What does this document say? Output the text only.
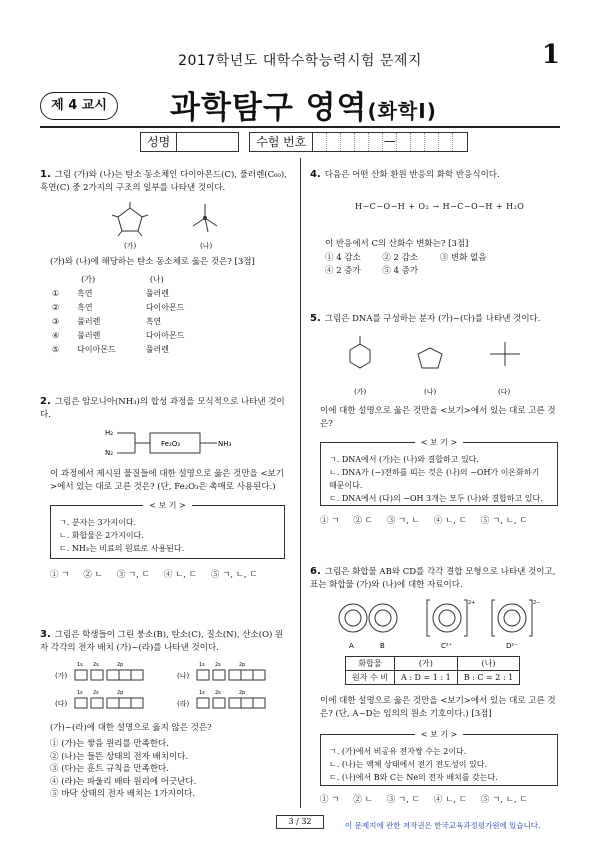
2017학년도 대학수학능력시험 문제지	1
제 4 교시	과학탐구 영역(화학Ⅰ)
성명	수험 번호	—
1. 그림 (가)와 (나)는 탄소 동소체인 다이아몬드(C), 풀러렌(C₆₀), 흑연(C) 중 2가지의 구조의 일부를 나타낸 것이다.
(가)	(나)
(가)와 (나)에 해당하는 탄소 동소체로 옳은 것은? [3점]
	(가)	(나)
①	흑연	풀러렌
②	흑연	다이아몬드
③	풀러렌	흑연
④	풀러렌	다이아몬드
⑤	다이아몬드	풀러렌
2. 그림은 암모니아(NH₃)의 합성 과정을 모식적으로 나타낸 것이다.
H₂
N₂
Fe₂O₃	NH₃
이 과정에서 제시된 물질들에 대한 설명으로 옳은 것만을 <보기>에서 있는 대로 고른 것은? (단, Fe₂O₃은 촉매로 사용된다.)
< 보 기 >
ㄱ. 분자는 3가지이다.
ㄴ. 화합물은 2가지이다.
ㄷ. NH₃는 비료의 원료로 사용된다.
① ㄱ ② ㄴ ③ ㄱ, ㄷ ④ ㄴ, ㄷ ⑤ ㄱ, ㄴ, ㄷ
3. 그림은 학생들이 그린 붕소(B), 탄소(C), 질소(N), 산소(O) 원자 각각의 전자 배치 (가)~(라)를 나타낸 것이다.
(가)
1s 2s	2p
(나)
1s 2s	2p
(다)
1s 2s	2p
(라)
1s 2s	2p
(가)~(라)에 대한 설명으로 옳지 않은 것은?
① (가)는 쌓음 원리를 만족한다.
② (나)는 들뜬 상태의 전자 배치이다.
③ (다)는 훈트 규칙을 만족한다.
④ (라)는 파울리 배타 원리에 어긋난다.
⑤ 바닥 상태의 전자 배치는 1가지이다.
4. 다음은 어떤 산화 환원 반응의 화학 반응식이다.
H−C−O−H + O₂ → H−C−O−H + H₂O
이 반응에서 C의 산화수 변화는? [3점]
① 4 감소	② 2 감소	③ 변화 없음
④ 2 증가	⑤ 4 증가
5. 그림은 DNA를 구성하는 분자 (가)~(다)를 나타낸 것이다.
(가)	(나)	(다)
이에 대한 설명으로 옳은 것만을 <보기>에서 있는 대로 고른 것은?
< 보 기 >
ㄱ. DNA에서 (가)는 (나)와 결합하고 있다.
ㄴ. DNA가 (−)전하를 띠는 것은 (나)의 −OH가 이온화하기 때문이다.
ㄷ. DNA에서 (다)의 −OH 3개는 모두 (나)와 결합하고 있다.
① ㄱ ② ㄷ ③ ㄱ, ㄴ ④ ㄴ, ㄷ ⑤ ㄱ, ㄴ, ㄷ
6. 그림은 화합물 AB와 CD를 각각 결합 모형으로 나타낸 것이고, 표는 화합물 (가)와 (나)에 대한 자료이다.
A	B
2+
C²⁺
2−
D²⁻
화합물	(가)	(나)
원자 수 비	A : D = 1 : 1	B : C = 2 : 1
이에 대한 설명으로 옳은 것만을 <보기>에서 있는 대로 고른 것은? (단, A~D는 임의의 원소 기호이다.) [3점]
< 보 기 >
ㄱ. (가)에서 비공유 전자쌍 수는 2이다.
ㄴ. (나)는 액체 상태에서 전기 전도성이 있다.
ㄷ. (나)에서 B와 C는 Ne의 전자 배치를 갖는다.
① ㄱ ② ㄴ ③ ㄱ, ㄷ ④ ㄴ, ㄷ ⑤ ㄱ, ㄴ, ㄷ
3 / 32	이 문제지에 관한 저작권은 한국교육과정평가원에 있습니다.
